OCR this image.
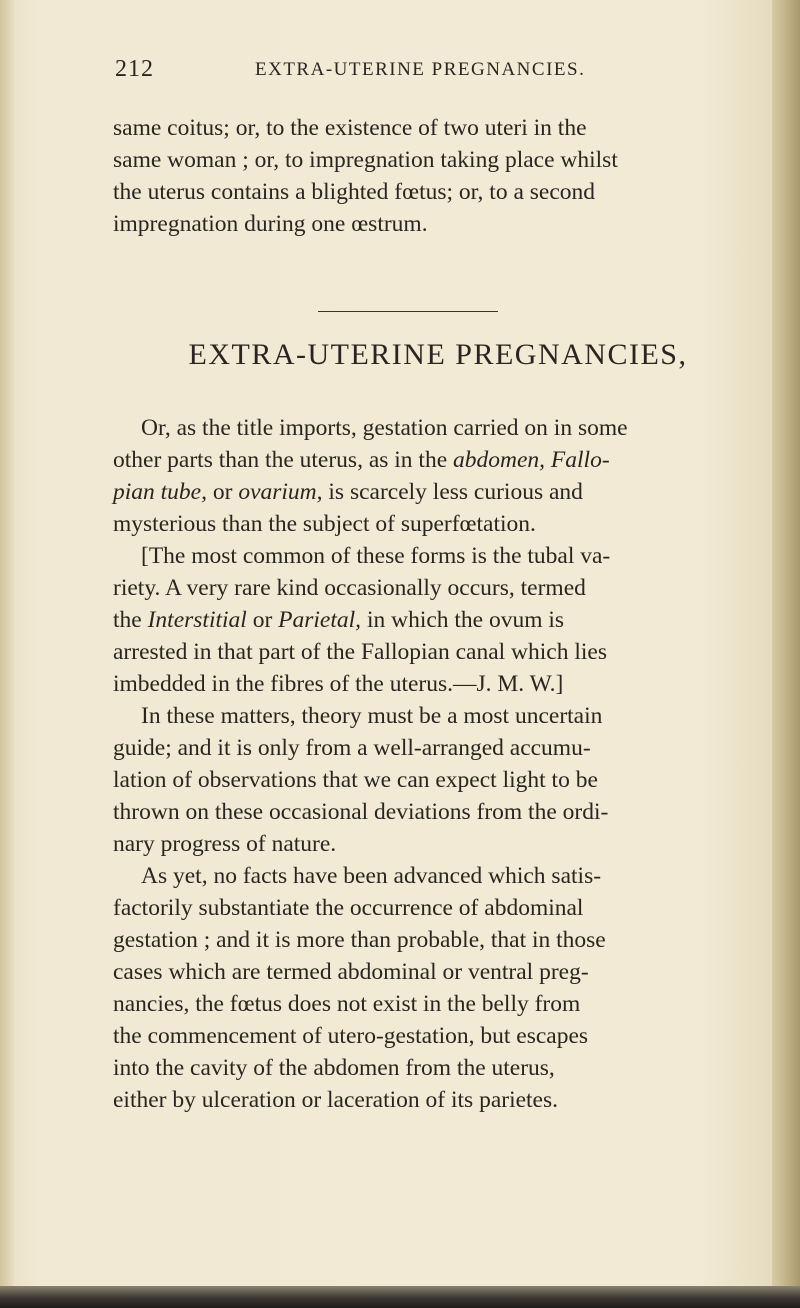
212	EXTRA-UTERINE PREGNANCIES.
same coitus; or, to the existence of two uteri in the
same woman ; or, to impregnation taking place whilst
the uterus contains a blighted fœtus; or, to a second
impregnation during one œstrum.
EXTRA-UTERINE PREGNANCIES,
Or, as the title imports, gestation carried on in some
other parts than the uterus, as in the abdomen, Fallo-
pian tube, or ovarium, is scarcely less curious and
mysterious than the subject of superfœtation.
[The most common of these forms is the tubal va-
riety. A very rare kind occasionally occurs, termed
the Interstitial or Parietal, in which the ovum is
arrested in that part of the Fallopian canal which lies
imbedded in the fibres of the uterus.—J. M. W.]
In these matters, theory must be a most uncertain
guide; and it is only from a well-arranged accumu-
lation of observations that we can expect light to be
thrown on these occasional deviations from the ordi-
nary progress of nature.
As yet, no facts have been advanced which satis-
factorily substantiate the occurrence of abdominal
gestation ; and it is more than probable, that in those
cases which are termed abdominal or ventral preg-
nancies, the fœtus does not exist in the belly from
the commencement of utero-gestation, but escapes
into the cavity of the abdomen from the uterus,
either by ulceration or laceration of its parietes.
